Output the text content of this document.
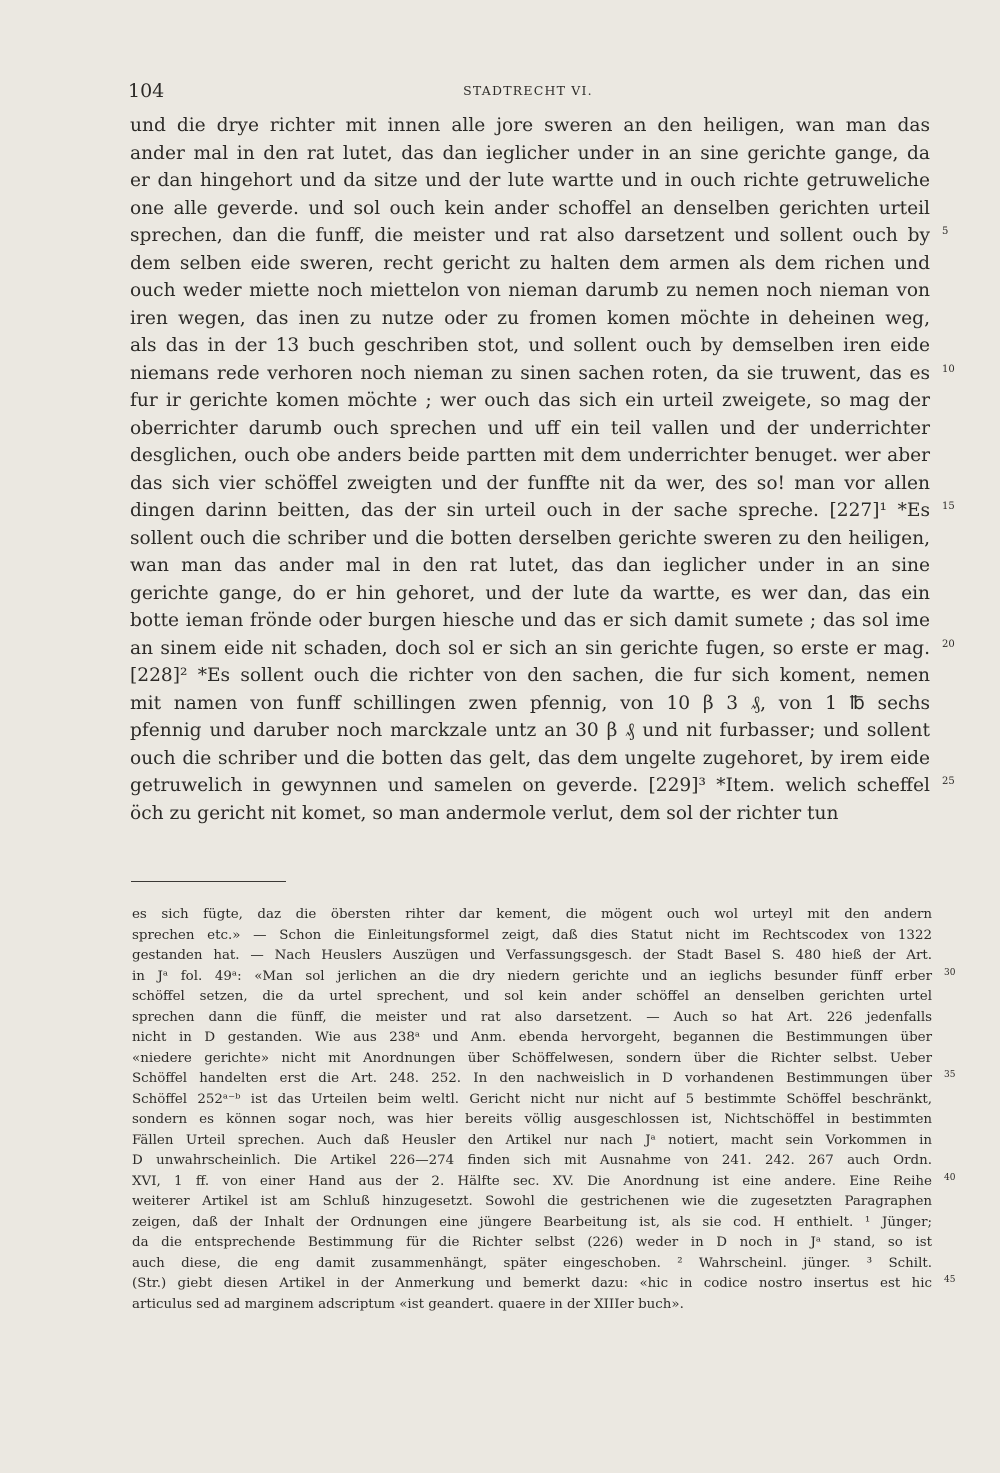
104	STADTRECHT VI.
und die drye richter mit innen alle jore sweren an den heiligen, wan man das
ander mal in den rat lutet, das dan ieglicher under in an sine gerichte gange, da
er dan hingehort und da sitze und der lute wartte und in ouch richte getruweliche
one alle geverde. und sol ouch kein ander schoffel an denselben gerichten urteil
sprechen, dan die funff, die meister und rat also darsetzent und sollent ouch by 5
dem selben eide sweren, recht gericht zu halten dem armen als dem richen und
ouch weder miette noch miettelon von nieman darumb zu nemen noch nieman von
iren wegen, das inen zu nutze oder zu fromen komen möchte in deheinen weg,
als das in der 13 buch geschriben stot, und sollent ouch by demselben iren eide
niemans rede verhoren noch nieman zu sinen sachen roten, da sie truwent, das es 10
fur ir gerichte komen möchte ; wer ouch das sich ein urteil zweigete, so mag der
oberrichter darumb ouch sprechen und uff ein teil vallen und der underrichter
desglichen, ouch obe anders beide partten mit dem underrichter benuget. wer aber
das sich vier schöffel zweigten und der funffte nit da wer, des so! man vor allen
dingen darinn beitten, das der sin urteil ouch in der sache spreche. [227]¹ *Es 15
sollent ouch die schriber und die botten derselben gerichte sweren zu den heiligen,
wan man das ander mal in den rat lutet, das dan ieglicher under in an sine
gerichte gange, do er hin gehoret, und der lute da wartte, es wer dan, das ein
botte ieman frönde oder burgen hiesche und das er sich damit sumete ; das sol ime
an sinem eide nit schaden, doch sol er sich an sin gerichte fugen, so erste er mag. 20
[228]² *Es sollent ouch die richter von den sachen, die fur sich koment, nemen
mit namen von funff schillingen zwen pfennig, von 10 β 3 ₰, von 1 ℔ sechs
pfennig und daruber noch marckzale untz an 30 β ₰ und nit furbasser; und sollent
ouch die schriber und die botten das gelt, das dem ungelte zugehoret, by irem eide
getruwelich in gewynnen und samelen on geverde. [229]³ *Item. welich scheffel 25
öch zu gericht nit komet, so man andermole verlut, dem sol der richter tun
es sich fügte, daz die öbersten rihter dar kement, die mögent ouch wol urteyl mit den andern
sprechen etc.» — Schon die Einleitungsformel zeigt, daß dies Statut nicht im Rechtscodex von 1322
gestanden hat. — Nach Heuslers Auszügen und Verfassungsgesch. der Stadt Basel S. 480 hieß der Art.
in Jᵃ fol. 49ᵃ: «Man sol jerlichen an die dry niedern gerichte und an ieglichs besunder fünff erber 30
schöffel setzen, die da urtel sprechent, und sol kein ander schöffel an denselben gerichten urtel
sprechen dann die fünff, die meister und rat also darsetzent. — Auch so hat Art. 226 jedenfalls
nicht in D gestanden. Wie aus 238ᵃ und Anm. ebenda hervorgeht, begannen die Bestimmungen über
«niedere gerichte» nicht mit Anordnungen über Schöffelwesen, sondern über die Richter selbst. Ueber
Schöffel handelten erst die Art. 248. 252. In den nachweislich in D vorhandenen Bestimmungen über 35
Schöffel 252ᵃ⁻ᵇ ist das Urteilen beim weltl. Gericht nicht nur nicht auf 5 bestimmte Schöffel beschränkt,
sondern es können sogar noch, was hier bereits völlig ausgeschlossen ist, Nichtschöffel in bestimmten
Fällen Urteil sprechen. Auch daß Heusler den Artikel nur nach Jᵃ notiert, macht sein Vorkommen in
D unwahrscheinlich. Die Artikel 226—274 finden sich mit Ausnahme von 241. 242. 267 auch Ordn.
XVI, 1 ff. von einer Hand aus der 2. Hälfte sec. XV. Die Anordnung ist eine andere. Eine Reihe 40
weiterer Artikel ist am Schluß hinzugesetzt. Sowohl die gestrichenen wie die zugesetzten Paragraphen
zeigen, daß der Inhalt der Ordnungen eine jüngere Bearbeitung ist, als sie cod. H enthielt. ¹ Jünger;
da die entsprechende Bestimmung für die Richter selbst (226) weder in D noch in Jᵃ stand, so ist
auch diese, die eng damit zusammenhängt, später eingeschoben. ² Wahrscheinl. jünger. ³ Schilt.
(Str.) giebt diesen Artikel in der Anmerkung und bemerkt dazu: «hic in codice nostro insertus est hic 45
articulus sed ad marginem adscriptum «ist geandert. quaere in der XIIIer buch».
